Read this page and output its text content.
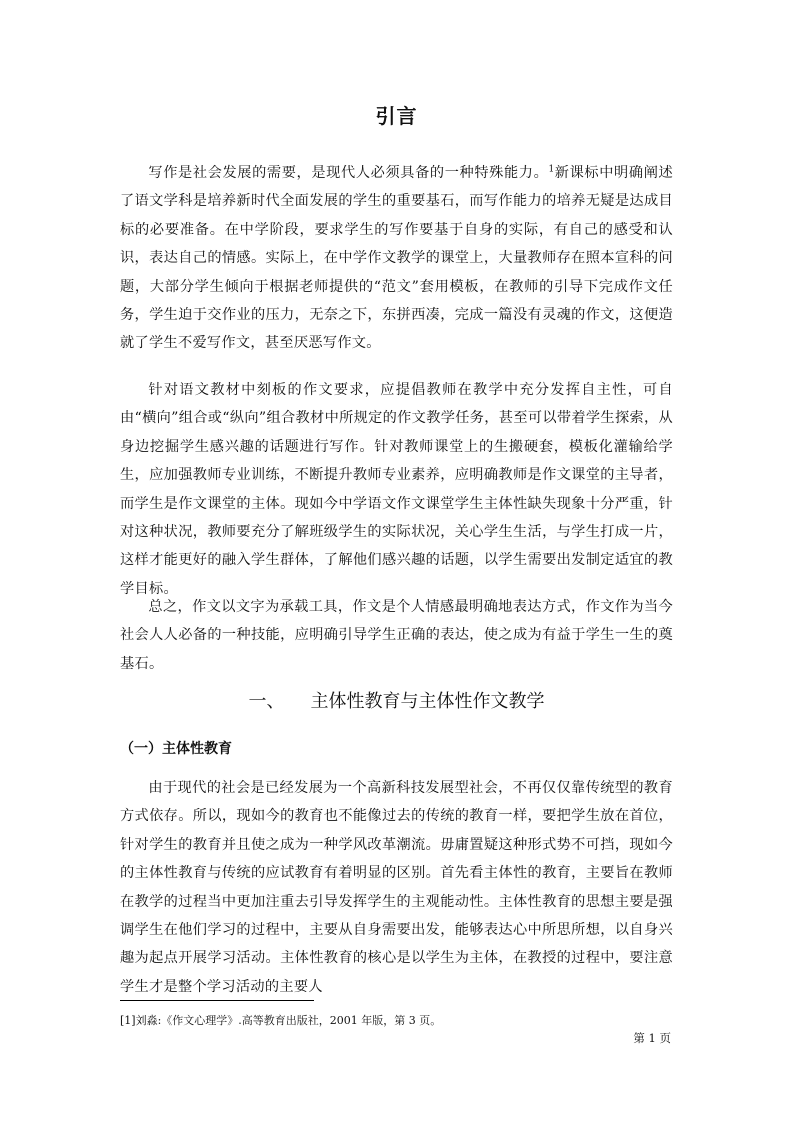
引言

写作是社会发展的需要，是现代人必须具备的一种特殊能力。$^1$新课标中明确阐述了语文学科是培养新时代全面发展的学生的重要基石，而写作能力的培养无疑是达成目标的必要准备。在中学阶段，要求学生的写作要基于自身的实际，有自己的感受和认识，表达自己的情感。实际上，在中学作文教学的课堂上，大量教师存在照本宣科的问题，大部分学生倾向于根据老师提供的“范文”套用模板，在教师的引导下完成作文任务，学生迫于交作业的压力，无奈之下，东拼西凑，完成一篇没有灵魂的作文，这便造就了学生不爱写作文，甚至厌恶写作文。

针对语文教材中刻板的作文要求，应提倡教师在教学中充分发挥自主性，可自由“横向”组合或“纵向”组合教材中所规定的作文教学任务，甚至可以带着学生探索，从身边挖掘学生感兴趣的话题进行写作。针对教师课堂上的生搬硬套，模板化灌输给学生，应加强教师专业训练，不断提升教师专业素养，应明确教师是作文课堂的主导者，而学生是作文课堂的主体。现如今中学语文作文课堂学生主体性缺失现象十分严重，针对这种状况，教师要充分了解班级学生的实际状况，关心学生生活，与学生打成一片，这样才能更好的融入学生群体，了解他们感兴趣的话题，以学生需要出发制定适宜的教学目标。

总之，作文以文字为承载工具，作文是个人情感最明确地表达方式，作文作为当今社会人人必备的一种技能，应明确引导学生正确的表达，使之成为有益于学生一生的奠基石。

一、 主体性教育与主体性作文教学
（一）主体性教育

由于现代的社会是已经发展为一个高新科技发展型社会，不再仅仅靠传统型的教育方式依存。所以，现如今的教育也不能像过去的传统的教育一样，要把学生放在首位，针对学生的教育并且使之成为一种学风改革潮流。毋庸置疑这种形式势不可挡，现如今的主体性教育与传统的应试教育有着明显的区别。首先看主体性的教育，主要旨在教师在教学的过程当中更加注重去引导发挥学生的主观能动性。主体性教育的思想主要是强调学生在他们学习的过程中，主要从自身需要出发，能够表达心中所思所想，以自身兴趣为起点开展学习活动。主体性教育的核心是以学生为主体，在教授的过程中，要注意学生才是整个学习活动的主要人

[1]刘淼:《作文心理学》.高等教育出版社，2001 年版，第 3 页。
第 1 页
